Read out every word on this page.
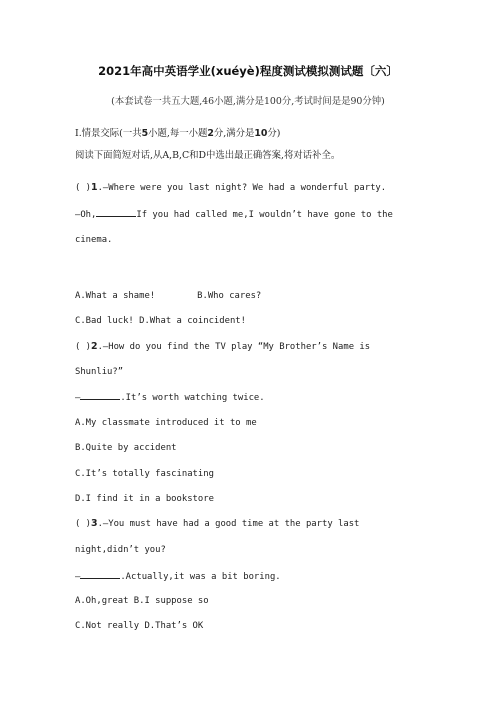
2021年高中英语学业(xuéyè)程度测试模拟测试题〔六〕
(本套试卷一共五大题,46小题,满分是100分,考试时间是是90分钟)
Ⅰ.情景交际(一共5小题,每一小题2分,满分是10分)
阅读下面简短对话,从A,B,C和D中选出最正确答案,将对话补全。
( )1.—Where were you last night? We had a wonderful party.
—Oh,	If you had called me,I wouldn’t have gone to the
cinema.
A.What a shame!	B.Who cares?
C.Bad luck! D.What a coincident!
( )2.—How do you find the TV play “My Brother’s Name is
Shunliu?”
—	.It’s worth watching twice.
A.My classmate introduced it to me
B.Quite by accident
C.It’s totally fascinating
D.I find it in a bookstore
( )3.—You must have had a good time at the party last
night,didn’t you?
—	.Actually,it was a bit boring.
A.Oh,great B.I suppose so
C.Not really D.That’s OK
